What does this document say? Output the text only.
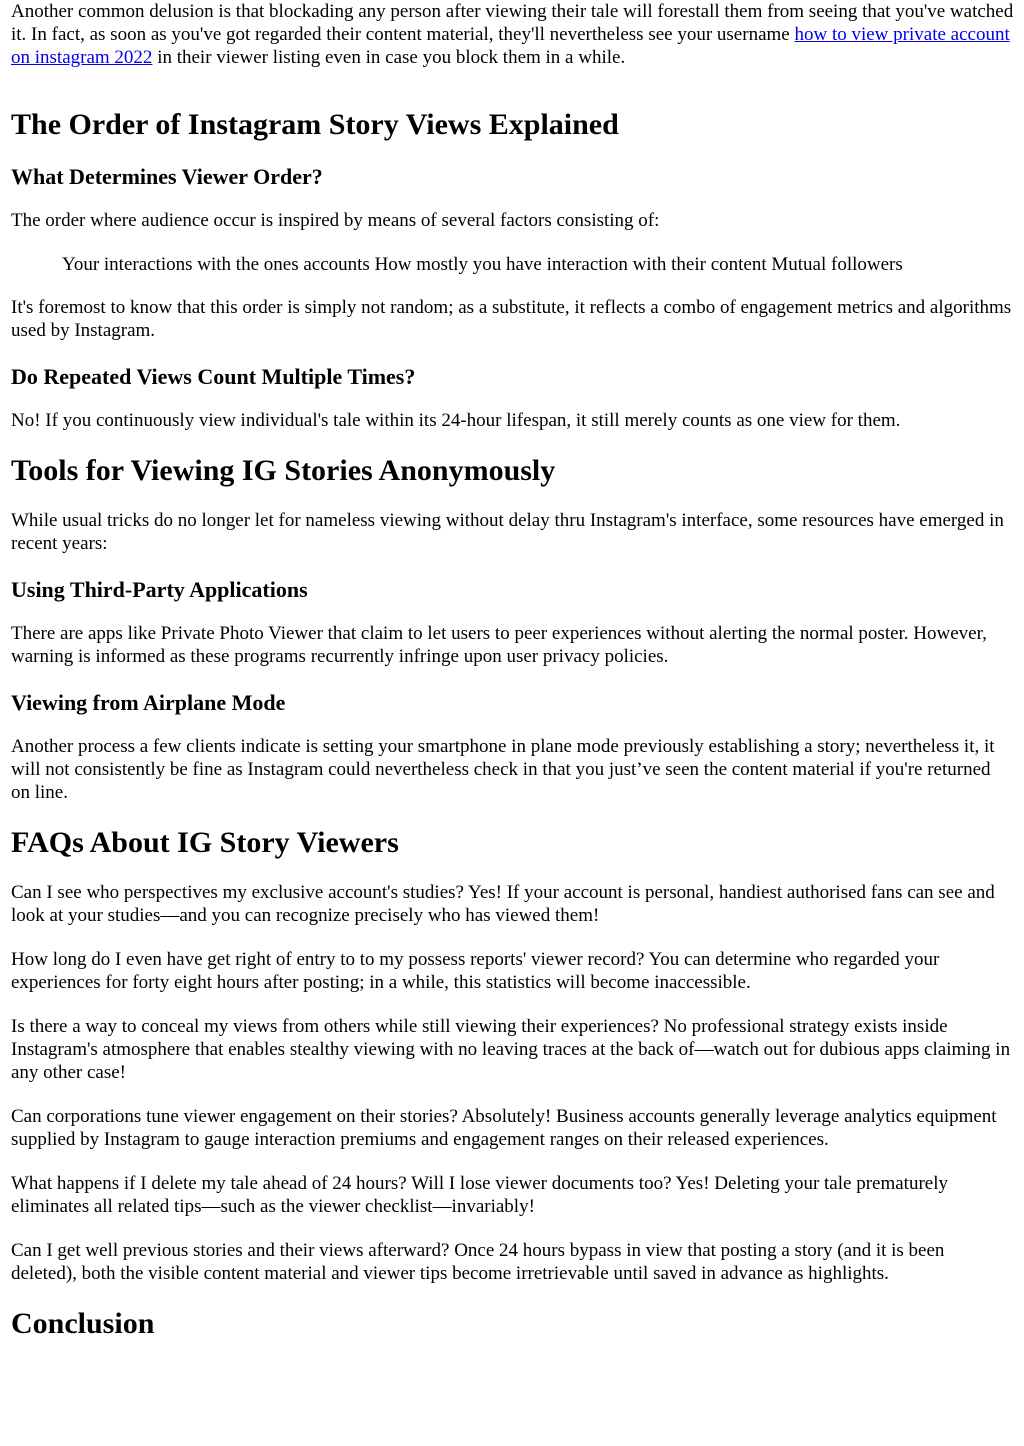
Another common delusion is that blockading any person after viewing their tale will forestall them from seeing that you've watched it. In fact, as soon as you've got regarded their content material, they'll nevertheless see your username how to view private account on instagram 2022 in their viewer listing even in case you block them in a while.

The Order of Instagram Story Views Explained
What Determines Viewer Order?

The order where audience occur is inspired by means of several factors consisting of:

Your interactions with the ones accounts How mostly you have interaction with their content Mutual followers

It's foremost to know that this order is simply not random; as a substitute, it reflects a combo of engagement metrics and algorithms used by Instagram.

Do Repeated Views Count Multiple Times?

No! If you continuously view individual's tale within its 24-hour lifespan, it still merely counts as one view for them.

Tools for Viewing IG Stories Anonymously

While usual tricks do no longer let for nameless viewing without delay thru Instagram's interface, some resources have emerged in recent years:

Using Third-Party Applications

There are apps like Private Photo Viewer that claim to let users to peer experiences without alerting the normal poster. However, warning is informed as these programs recurrently infringe upon user privacy policies.

Viewing from Airplane Mode

Another process a few clients indicate is setting your smartphone in plane mode previously establishing a story; nevertheless it, it will not consistently be fine as Instagram could nevertheless check in that you just’ve seen the content material if you're returned on line.

FAQs About IG Story Viewers

Can I see who perspectives my exclusive account's studies? Yes! If your account is personal, handiest authorised fans can see and look at your studies—and you can recognize precisely who has viewed them!

How long do I even have get right of entry to to my possess reports' viewer record? You can determine who regarded your experiences for forty eight hours after posting; in a while, this statistics will become inaccessible.

Is there a way to conceal my views from others while still viewing their experiences? No professional strategy exists inside Instagram's atmosphere that enables stealthy viewing with no leaving traces at the back of—watch out for dubious apps claiming in any other case!

Can corporations tune viewer engagement on their stories? Absolutely! Business accounts generally leverage analytics equipment supplied by Instagram to gauge interaction premiums and engagement ranges on their released experiences.

What happens if I delete my tale ahead of 24 hours? Will I lose viewer documents too? Yes! Deleting your tale prematurely eliminates all related tips—such as the viewer checklist—invariably!

Can I get well previous stories and their views afterward? Once 24 hours bypass in view that posting a story (and it is been deleted), both the visible content material and viewer tips become irretrievable until saved in advance as highlights.

Conclusion
